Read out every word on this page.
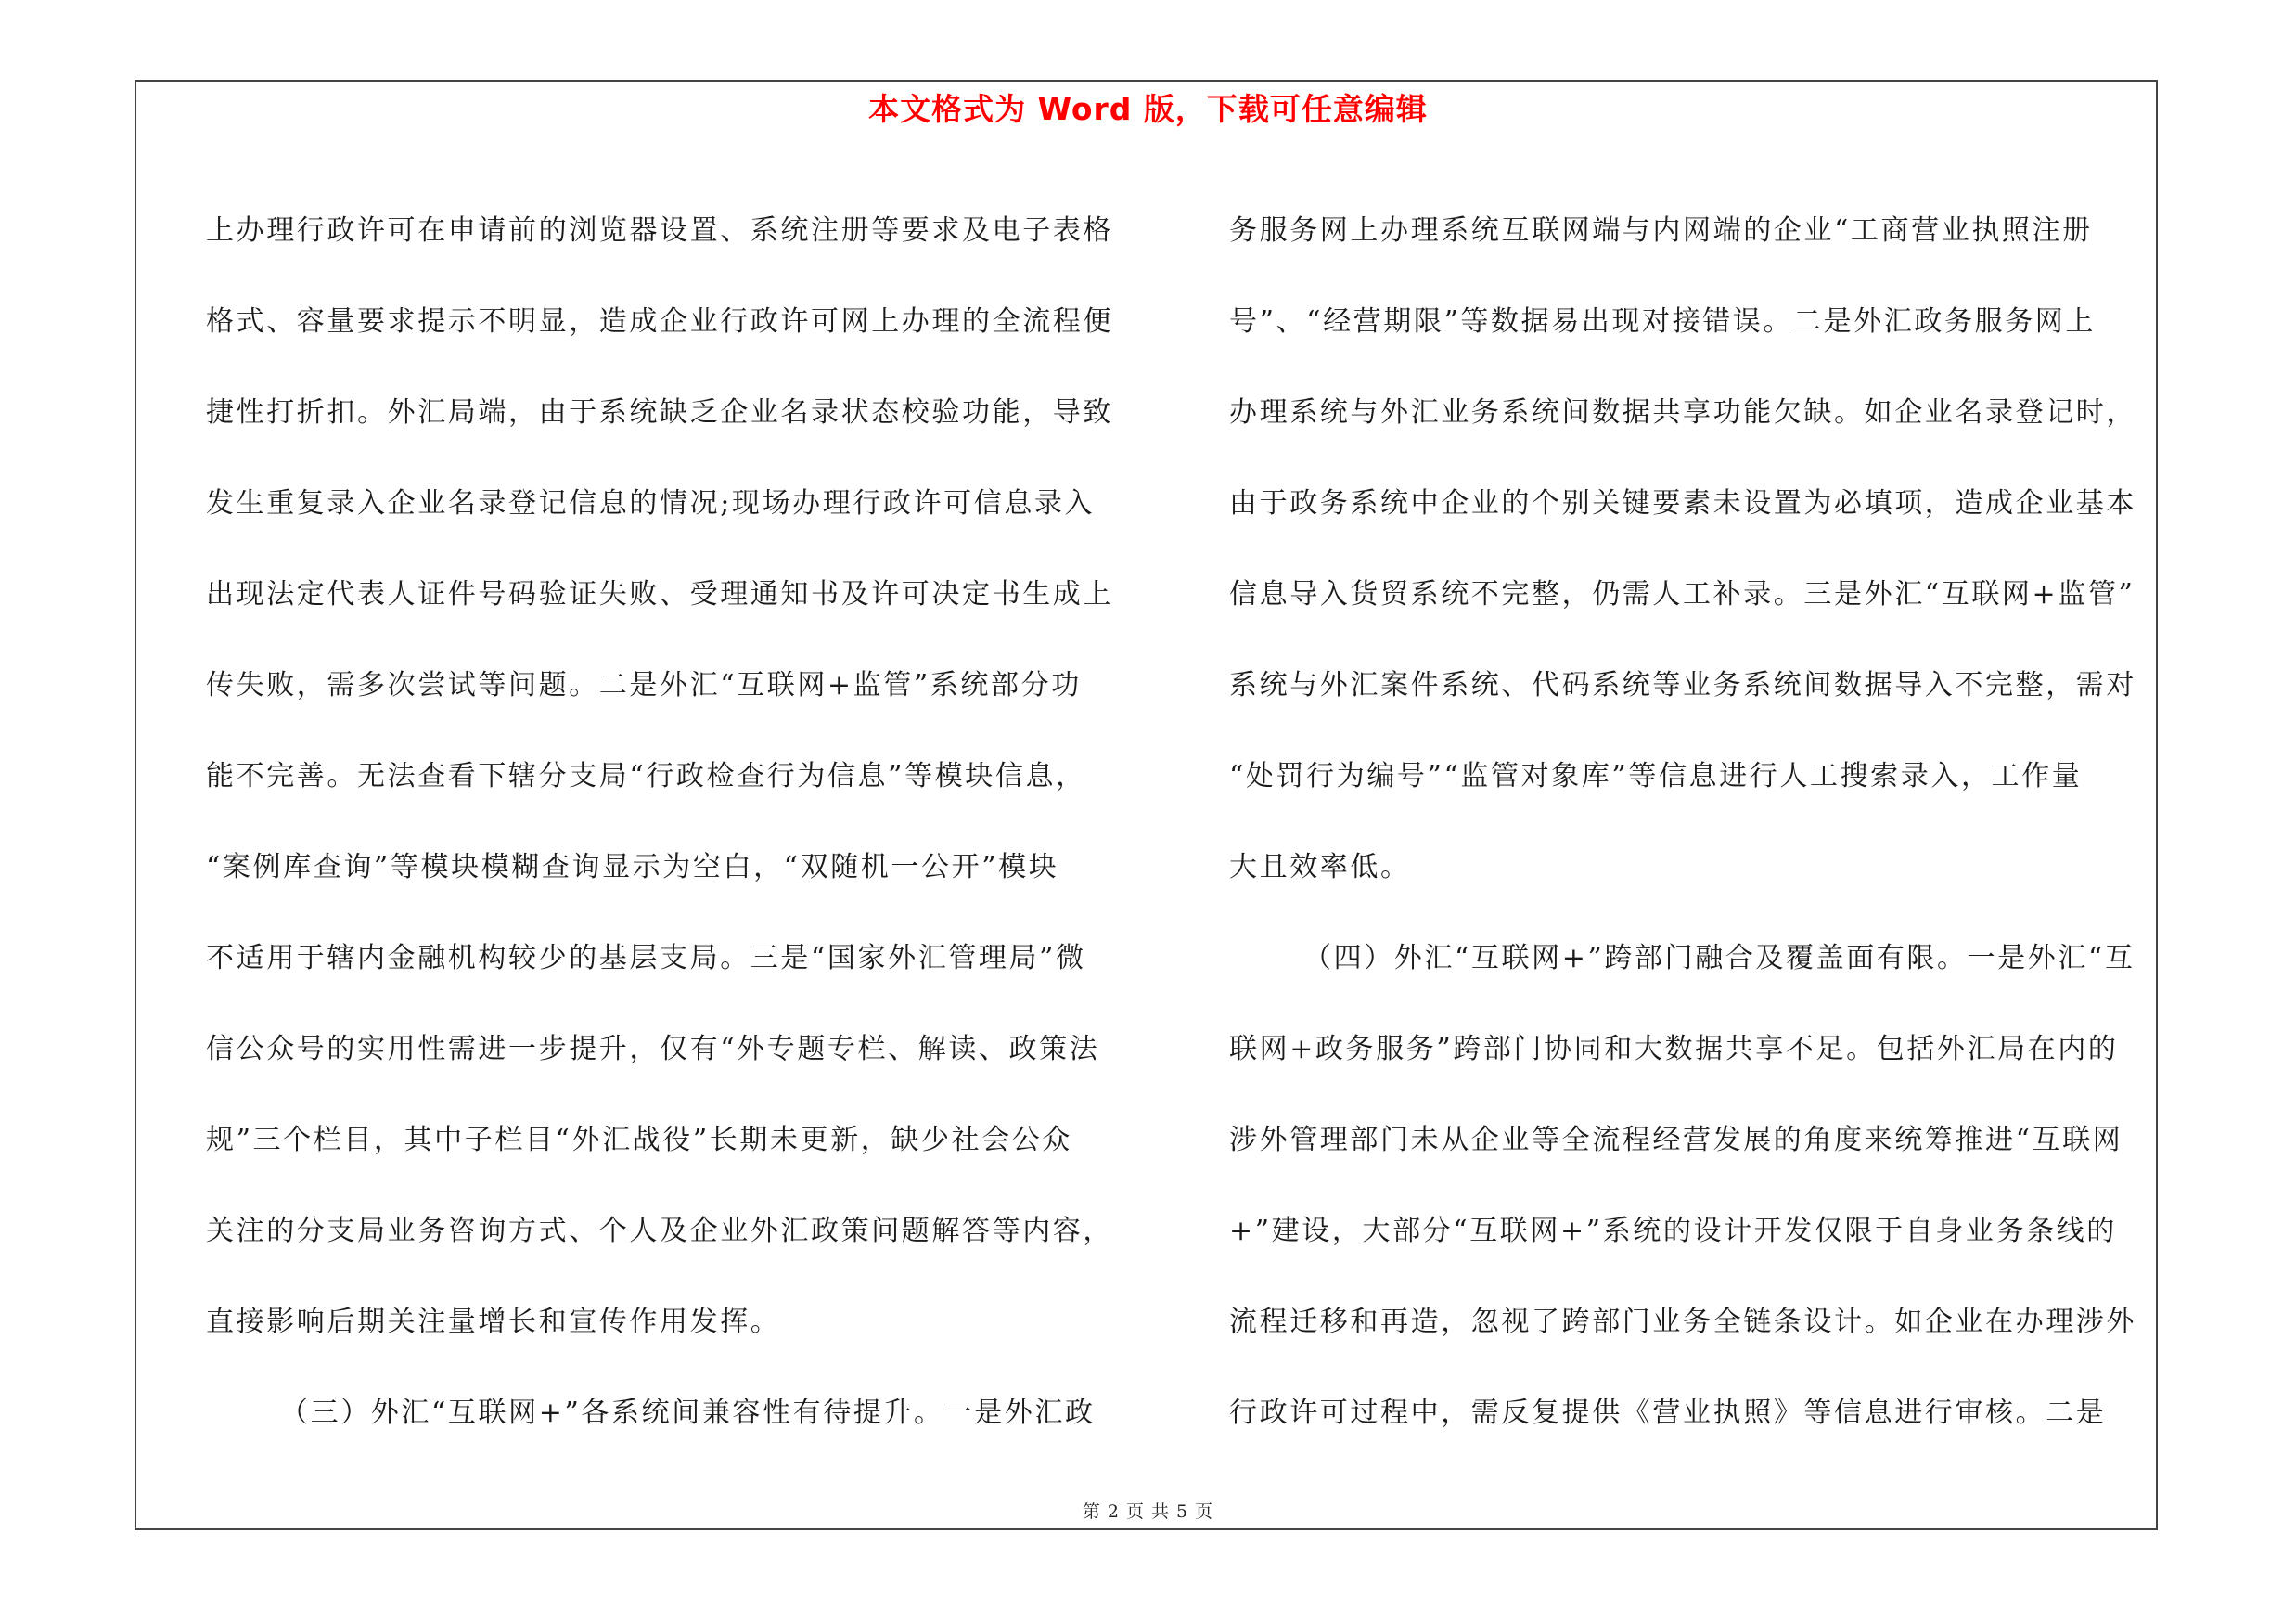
本文格式为 Word 版，下载可任意编辑
上办理行政许可在申请前的浏览器设置、系统注册等要求及电子表格
格式、容量要求提示不明显，造成企业行政许可网上办理的全流程便
捷性打折扣。外汇局端，由于系统缺乏企业名录状态校验功能，导致
发生重复录入企业名录登记信息的情况;现场办理行政许可信息录入
出现法定代表人证件号码验证失败、受理通知书及许可决定书生成上
传失败，需多次尝试等问题。二是外汇“互联网+监管”系统部分功
能不完善。无法查看下辖分支局“行政检查行为信息”等模块信息，
“案例库查询”等模块模糊查询显示为空白，“双随机一公开”模块
不适用于辖内金融机构较少的基层支局。三是“国家外汇管理局”微
信公众号的实用性需进一步提升，仅有“外专题专栏、解读、政策法
规”三个栏目，其中子栏目“外汇战役”长期未更新，缺少社会公众
关注的分支局业务咨询方式、个人及企业外汇政策问题解答等内容，
直接影响后期关注量增长和宣传作用发挥。
（三）外汇“互联网+”各系统间兼容性有待提升。一是外汇政
务服务网上办理系统互联网端与内网端的企业“工商营业执照注册
号”、“经营期限”等数据易出现对接错误。二是外汇政务服务网上
办理系统与外汇业务系统间数据共享功能欠缺。如企业名录登记时，
由于政务系统中企业的个别关键要素未设置为必填项，造成企业基本
信息导入货贸系统不完整，仍需人工补录。三是外汇“互联网+监管”
系统与外汇案件系统、代码系统等业务系统间数据导入不完整，需对
“处罚行为编号”“监管对象库”等信息进行人工搜索录入，工作量
大且效率低。
（四）外汇“互联网+”跨部门融合及覆盖面有限。一是外汇“互
联网+政务服务”跨部门协同和大数据共享不足。包括外汇局在内的
涉外管理部门未从企业等全流程经营发展的角度来统筹推进“互联网
+”建设，大部分“互联网+”系统的设计开发仅限于自身业务条线的
流程迁移和再造，忽视了跨部门业务全链条设计。如企业在办理涉外
行政许可过程中，需反复提供《营业执照》等信息进行审核。二是
第 2 页 共 5 页
